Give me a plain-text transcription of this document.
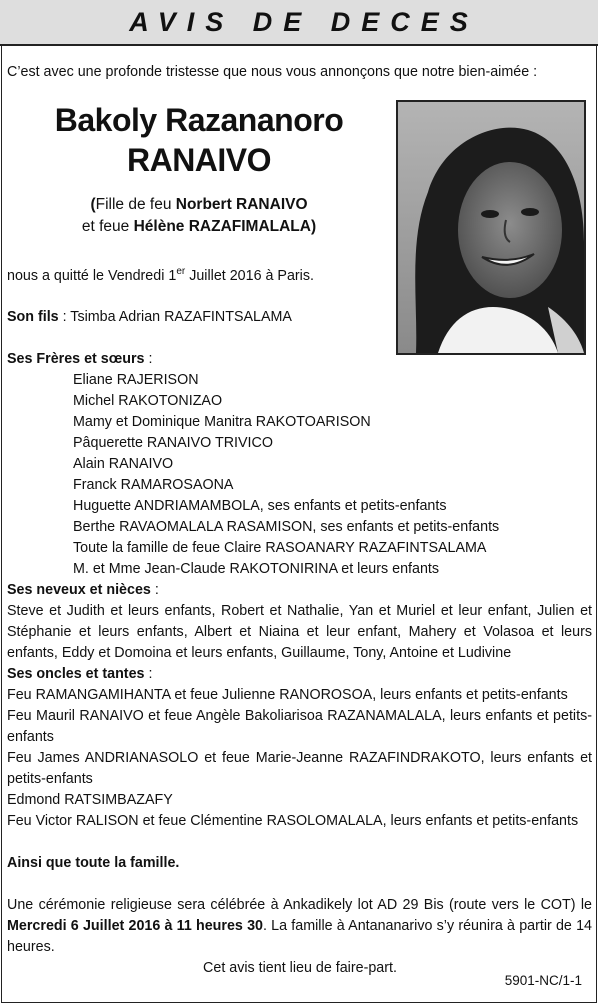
AVIS DE DECES
C’est avec une profonde tristesse que nous vous annonçons que notre bien-aimée :
Bakoly Razananoro
RANAIVO
(Fille de feu Norbert RANAIVO
et feue Hélène RAZAFIMALALA)
nous a quitté le Vendredi 1er Juillet 2016 à Paris.
Son fils : Tsimba Adrian RAZAFINTSALAMA
Ses Frères et sœurs :
Eliane RAJERISON
Michel RAKOTONIZAO
Mamy et Dominique Manitra RAKOTOARISON
Pâquerette RANAIVO TRIVICO
Alain RANAIVO
Franck RAMAROSAONA
Huguette ANDRIAMAMBOLA, ses enfants et petits-enfants
Berthe RAVAOMALALA RASAMISON, ses enfants et petits-enfants
Toute la famille de feue Claire RASOANARY RAZAFINTSALAMA
M. et Mme Jean-Claude RAKOTONIRINA et leurs enfants
Ses neveux et nièces :
Steve et Judith et leurs enfants, Robert et Nathalie, Yan et Muriel et leur enfant, Julien et Stéphanie et leurs enfants, Albert et Niaina et leur enfant, Mahery et Volasoa et leurs enfants, Eddy et Domoina et leurs enfants, Guillaume, Tony, Antoine et Ludivine
Ses oncles et tantes :
Feu RAMANGAMIHANTA et feue Julienne RANOROSOA, leurs enfants et petits-enfants
Feu Mauril RANAIVO et feue Angèle Bakoliarisoa RAZANAMALALA, leurs enfants et petits-enfants
Feu James ANDRIANASOLO et feue Marie-Jeanne RAZAFINDRAKOTO, leurs enfants et petits-enfants
Edmond RATSIMBAZAFY
Feu Victor RALISON et feue Clémentine RASOLOMALALA, leurs enfants et petits-enfants
Ainsi que toute la famille.
Une cérémonie religieuse sera célébrée à Ankadikely lot AD 29 Bis (route vers le COT) le Mercredi 6 Juillet 2016 à 11 heures 30. La famille à Antananarivo s’y réunira à partir de 14 heures.
Cet avis tient lieu de faire-part.
5901-NC/1-1
